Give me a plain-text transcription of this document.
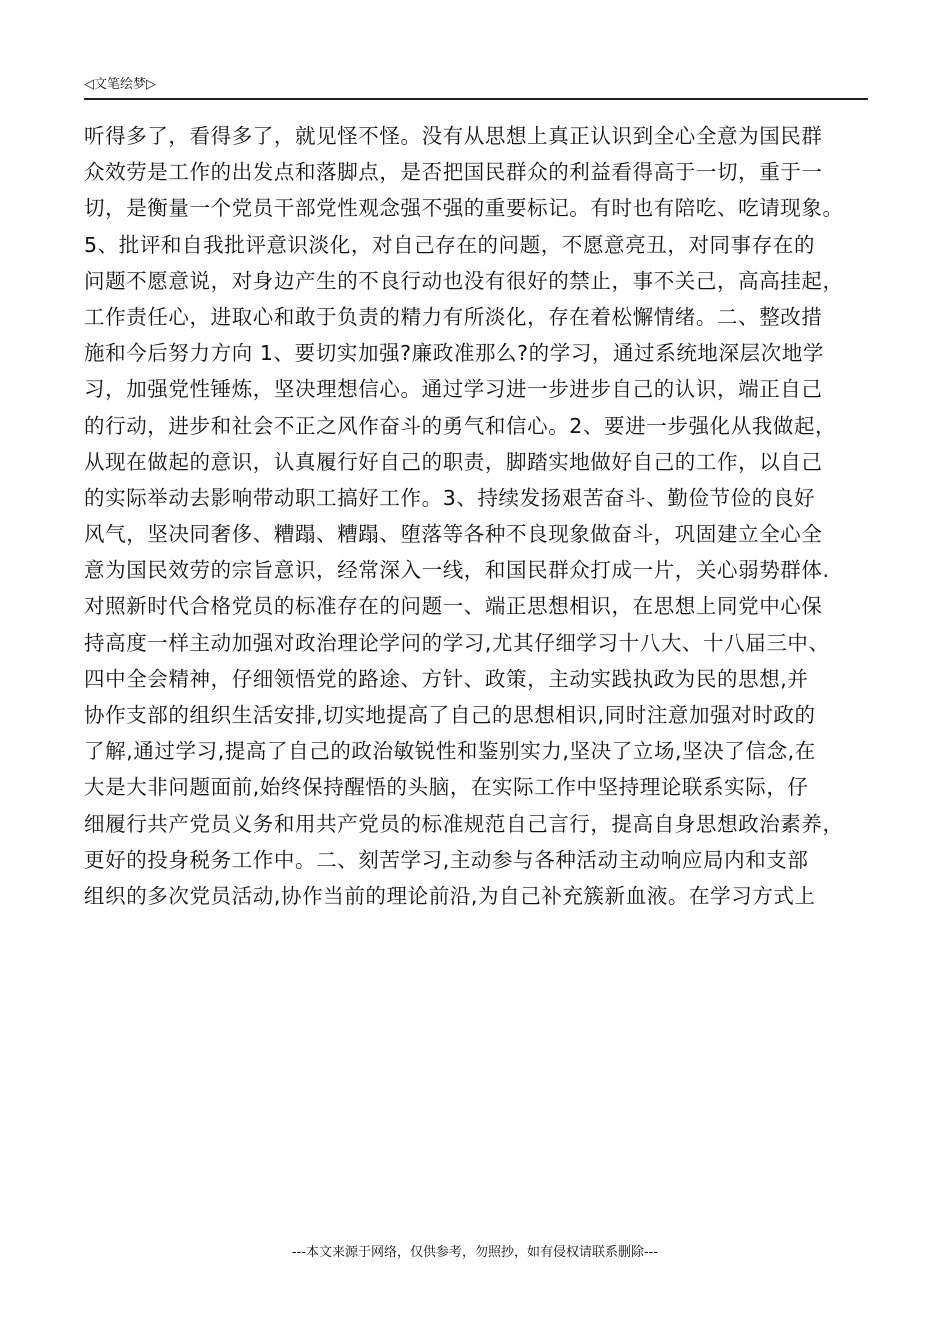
◁文笔绘梦▷
听得多了，看得多了，就见怪不怪。没有从思想上真正认识到全心全意为国民群
众效劳是工作的出发点和落脚点，是否把国民群众的利益看得高于一切，重于一
切，是衡量一个党员干部党性观念强不强的重要标记。有时也有陪吃、吃请现象。
5、批评和自我批评意识淡化，对自己存在的问题，不愿意亮丑，对同事存在的
问题不愿意说，对身边产生的不良行动也没有很好的禁止，事不关己，高高挂起，
工作责任心，进取心和敢于负责的精力有所淡化，存在着松懈情绪。二、整改措
施和今后努力方向 1、要切实加强?廉政准那么?的学习，通过系统地深层次地学
习，加强党性锤炼，坚决理想信心。通过学习进一步进步自己的认识，端正自己
的行动，进步和社会不正之风作奋斗的勇气和信心。2、要进一步强化从我做起，
从现在做起的意识，认真履行好自己的职责，脚踏实地做好自己的工作，以自己
的实际举动去影响带动职工搞好工作。3、持续发扬艰苦奋斗、勤俭节俭的良好
风气，坚决同奢侈、糟蹋、糟蹋、堕落等各种不良现象做奋斗，巩固建立全心全
意为国民效劳的宗旨意识，经常深入一线，和国民群众打成一片，关心弱势群体.
对照新时代合格党员的标准存在的问题一、端正思想相识，在思想上同党中心保
持高度一样主动加强对政治理论学问的学习,尤其仔细学习十八大、十八届三中、
四中全会精神，仔细领悟党的路途、方针、政策，主动实践执政为民的思想,并
协作支部的组织生活安排,切实地提高了自己的思想相识,同时注意加强对时政的
了解,通过学习,提高了自己的政治敏锐性和鉴别实力,坚决了立场,坚决了信念,在
大是大非问题面前,始终保持醒悟的头脑，在实际工作中坚持理论联系实际，仔
细履行共产党员义务和用共产党员的标准规范自己言行，提高自身思想政治素养，
更好的投身税务工作中。二、刻苦学习,主动参与各种活动主动响应局内和支部
组织的多次党员活动,协作当前的理论前沿,为自己补充簇新血液。在学习方式上
---本文来源于网络，仅供参考，勿照抄，如有侵权请联系删除---
